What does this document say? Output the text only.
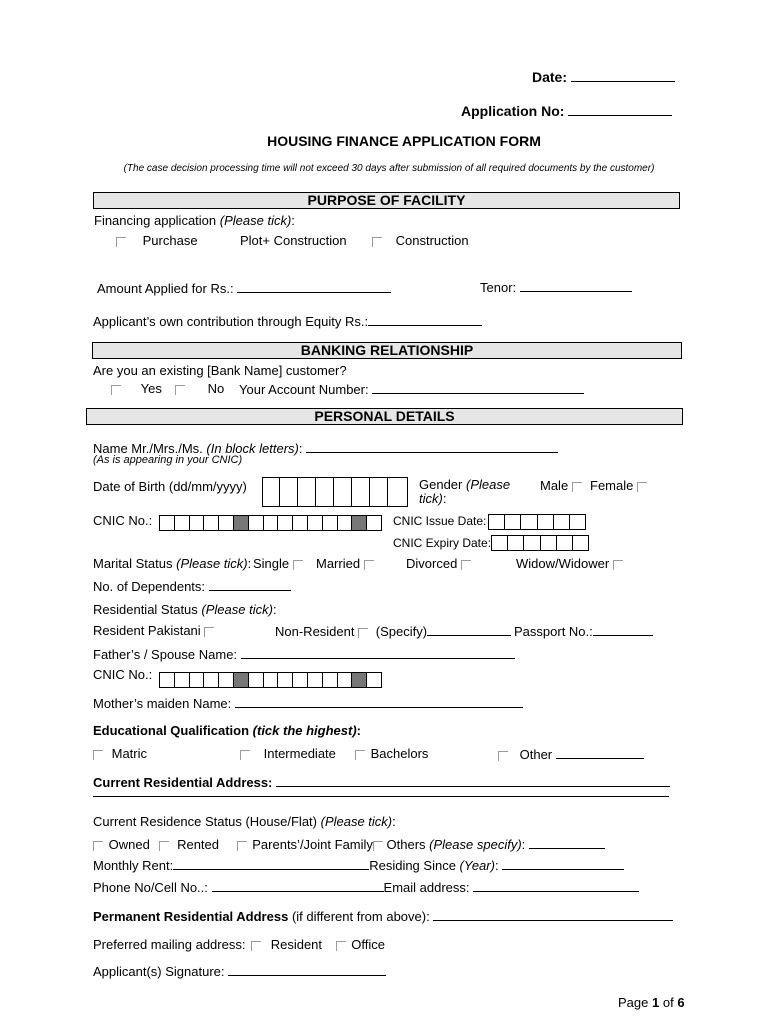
Date:
Application No:
HOUSING FINANCE APPLICATION FORM
(The case decision processing time will not exceed 30 days after submission of all required documents by the customer)
PURPOSE OF FACILITY
Financing application (Please tick):
Purchase	Plot+ Construction	Construction
Amount Applied for Rs.:	Tenor:
Applicant’s own contribution through Equity Rs.:
BANKING RELATIONSHIP
Are you an existing [Bank Name] customer?
Yes	No Your Account Number:
PERSONAL DETAILS
Name Mr./Mrs./Ms. (In block letters):
(As is appearing in your CNIC)
Date of Birth (dd/mm/yyyy)	Gender (Please
tick):
Male	Female
CNIC No.:	CNIC Issue Date:
CNIC Expiry Date:
Marital Status (Please tick): Single	Married	Divorced	Widow/Widower
No. of Dependents:
Residential Status (Please tick):
Resident Pakistani	Non-Resident (Specify)	Passport No.:
Father’s / Spouse Name:
CNIC No.:
Mother’s maiden Name:
Educational Qualification (tick the highest):
Matric	Intermediate	Bachelors	Other
Current Residential Address:
Current Residence Status (House/Flat) (Please tick):
Owned Rented	Parents’/Joint Family Others (Please specify):
Monthly Rent:	Residing Since (Year):
Phone No/Cell No..:	Email address:
Permanent Residential Address (if different from above):
Preferred mailing address: Resident Office
Applicant(s) Signature:
Page 1 of 6
